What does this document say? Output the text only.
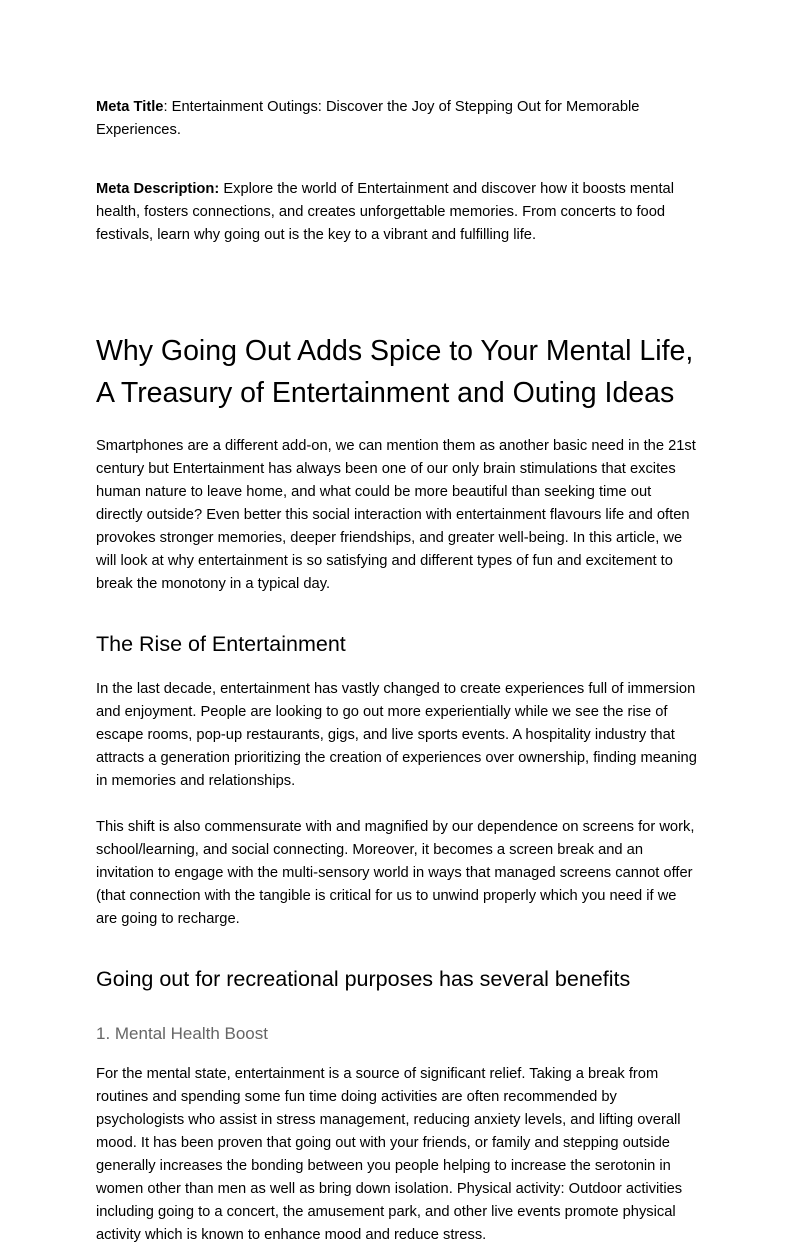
Meta Title: Entertainment Outings: Discover the Joy of Stepping Out for Memorable Experiences.

Meta Description: Explore the world of Entertainment and discover how it boosts mental health, fosters connections, and creates unforgettable memories. From concerts to food festivals, learn why going out is the key to a vibrant and fulfilling life.

Why Going Out Adds Spice to Your Mental Life, A Treasury of Entertainment and Outing Ideas

Smartphones are a different add-on, we can mention them as another basic need in the 21st century but Entertainment has always been one of our only brain stimulations that excites human nature to leave home, and what could be more beautiful than seeking time out directly outside? Even better this social interaction with entertainment flavours life and often provokes stronger memories, deeper friendships, and greater well-being. In this article, we will look at why entertainment is so satisfying and different types of fun and excitement to break the monotony in a typical day.

The Rise of Entertainment

In the last decade, entertainment has vastly changed to create experiences full of immersion and enjoyment. People are looking to go out more experientially while we see the rise of escape rooms, pop-up restaurants, gigs, and live sports events. A hospitality industry that attracts a generation prioritizing the creation of experiences over ownership, finding meaning in memories and relationships.

This shift is also commensurate with and magnified by our dependence on screens for work, school/learning, and social connecting. Moreover, it becomes a screen break and an invitation to engage with the multi-sensory world in ways that managed screens cannot offer (that connection with the tangible is critical for us to unwind properly which you need if we are going to recharge.

Going out for recreational purposes has several benefits
1. Mental Health Boost

For the mental state, entertainment is a source of significant relief. Taking a break from routines and spending some fun time doing activities are often recommended by psychologists who assist in stress management, reducing anxiety levels, and lifting overall mood. It has been proven that going out with your friends, or family and stepping outside generally increases the bonding between you people helping to increase the serotonin in women other than men as well as bring down isolation. Physical activity: Outdoor activities including going to a concert, the amusement park, and other live events promote physical activity which is known to enhance mood and reduce stress.
